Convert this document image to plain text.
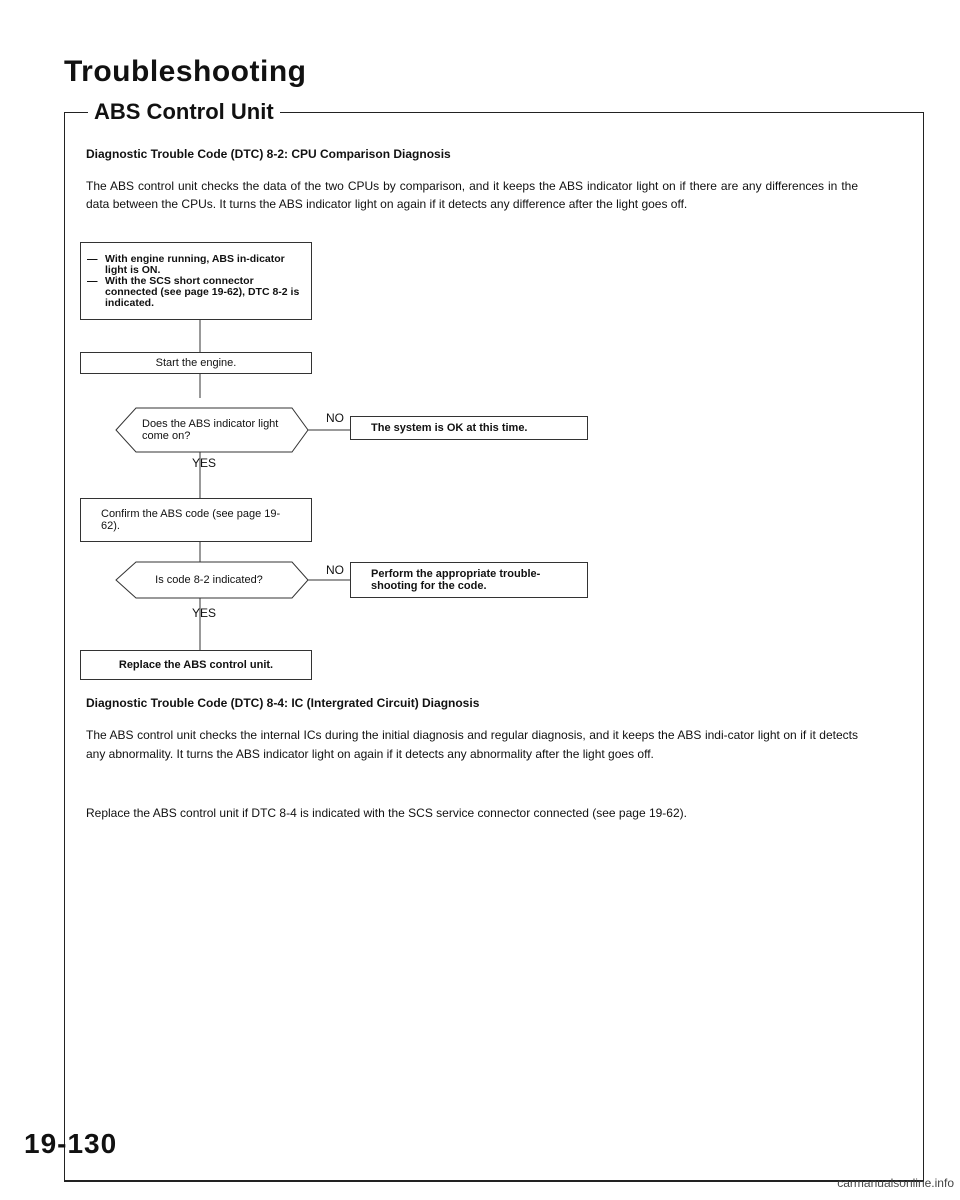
Troubleshooting
ABS Control Unit
Diagnostic Trouble Code (DTC) 8-2: CPU Comparison Diagnosis
The ABS control unit checks the data of the two CPUs by comparison, and it keeps the ABS indicator light on if there are any differences in the data between the CPUs. It turns the ABS indicator light on again if it detects any difference after the light goes off.
— With engine running, ABS in-dicator light is ON.
— With the SCS short connector connected (see page 19-62), DTC 8-2 is indicated.
Start the engine.
Does the ABS indicator light come on?
NO
The system is OK at this time.
YES
Confirm the ABS code (see page 19-62).
Is code 8-2 indicated?
NO Perform the appropriate trouble-shooting for the code.
YES
Replace the ABS control unit.
Diagnostic Trouble Code (DTC) 8-4: IC (Intergrated Circuit) Diagnosis
The ABS control unit checks the internal ICs during the initial diagnosis and regular diagnosis, and it keeps the ABS indi-cator light on if it detects any abnormality. It turns the ABS indicator light on again if it detects any abnormality after the light goes off.
Replace the ABS control unit if DTC 8-4 is indicated with the SCS service connector connected (see page 19-62).
19-130
carmanualsonline.info
